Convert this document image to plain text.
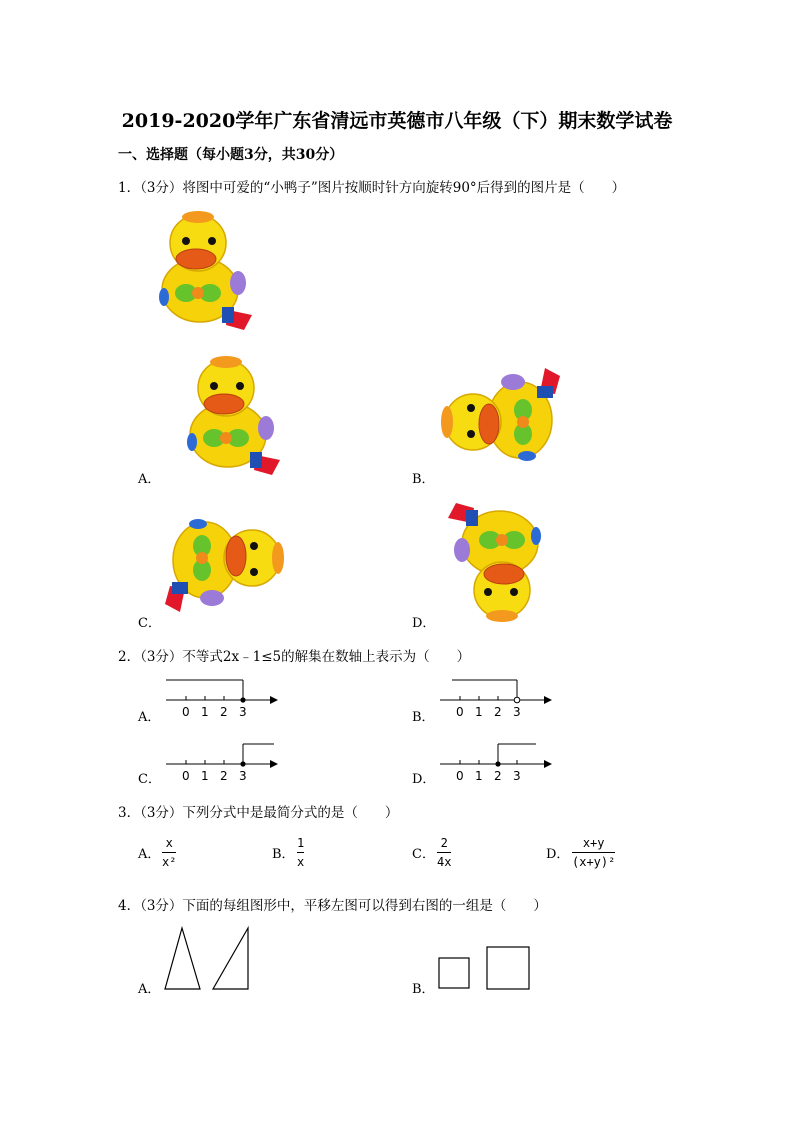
2019-2020学年广东省清远市英德市八年级（下）期末数学试卷
一、选择题（每小题3分，共30分）
1．（3分）将图中可爱的“小鸭子”图片按顺时针方向旋转90°后得到的图片是（　　）
A．	B．
C．	D．
2．（3分）不等式2x﹣1≤5的解集在数轴上表示为（　　）
A． 0 1 2 3	B． 0 1 2 3
C． 0 1 2 3	D． 0 1 2 3
3．（3分）下列分式中是最简分式的是（　　）
A．
x
x²	B．
1
x	C．
2
4x	D．
x+y
(x+y)²
4．（3分）下面的每组图形中，平移左图可以得到右图的一组是（　　）
A．	B．
